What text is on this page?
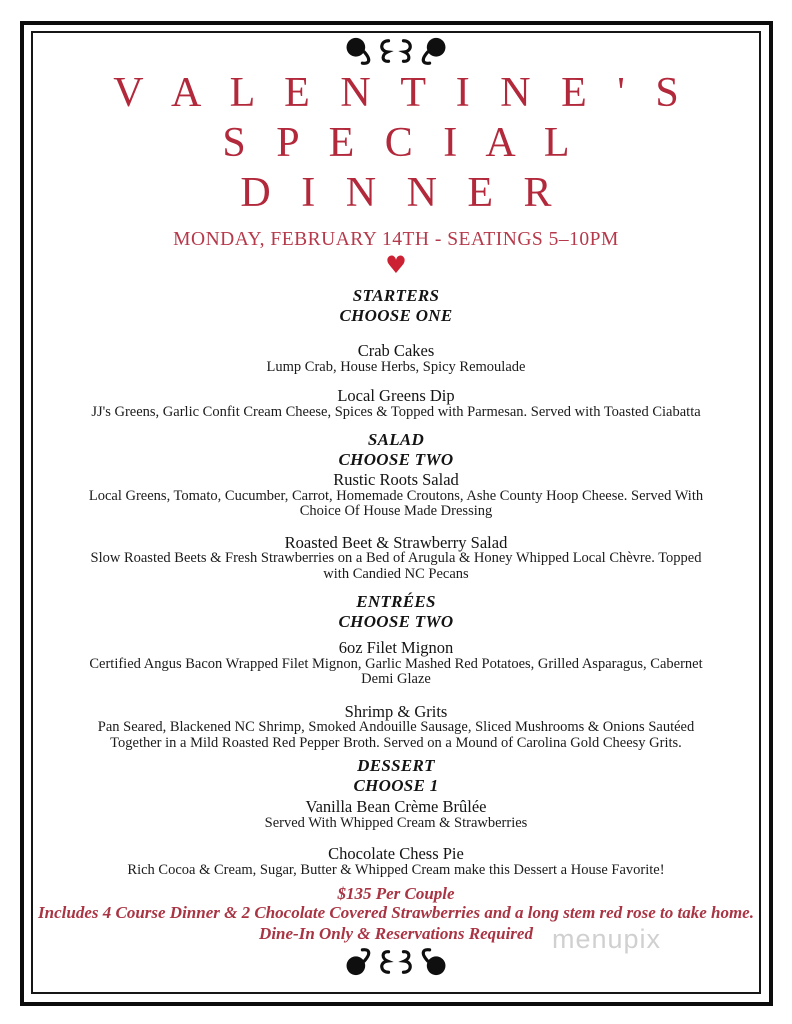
V A L E N T I N E ' S
S P E C I A L
D I N N E R
MONDAY, FEBRUARY 14TH - SEATINGS 5–10PM
♥
STARTERS
CHOOSE ONE
Crab Cakes
Lump Crab, House Herbs, Spicy Remoulade
Local Greens Dip
JJ's Greens, Garlic Confit Cream Cheese, Spices & Topped with Parmesan. Served with Toasted Ciabatta
SALAD
CHOOSE TWO
Rustic Roots Salad
Local Greens, Tomato, Cucumber, Carrot, Homemade Croutons, Ashe County Hoop Cheese. Served With Choice Of House Made Dressing
Roasted Beet & Strawberry Salad
Slow Roasted Beets & Fresh Strawberries on a Bed of Arugula & Honey Whipped Local Chèvre. Topped with Candied NC Pecans
ENTRÉES
CHOOSE TWO
6oz Filet Mignon
Certified Angus Bacon Wrapped Filet Mignon, Garlic Mashed Red Potatoes, Grilled Asparagus, Cabernet Demi Glaze
Shrimp & Grits
Pan Seared, Blackened NC Shrimp, Smoked Andouille Sausage, Sliced Mushrooms & Onions Sautéed Together in a Mild Roasted Red Pepper Broth. Served on a Mound of Carolina Gold Cheesy Grits.
DESSERT
CHOOSE 1
Vanilla Bean Crème Brûlée
Served With Whipped Cream & Strawberries
Chocolate Chess Pie
Rich Cocoa & Cream, Sugar, Butter & Whipped Cream make this Dessert a House Favorite!
$135 Per Couple
Includes 4 Course Dinner & 2 Chocolate Covered Strawberries and a long stem red rose to take home.
Dine-In Only & Reservations Required menupix
